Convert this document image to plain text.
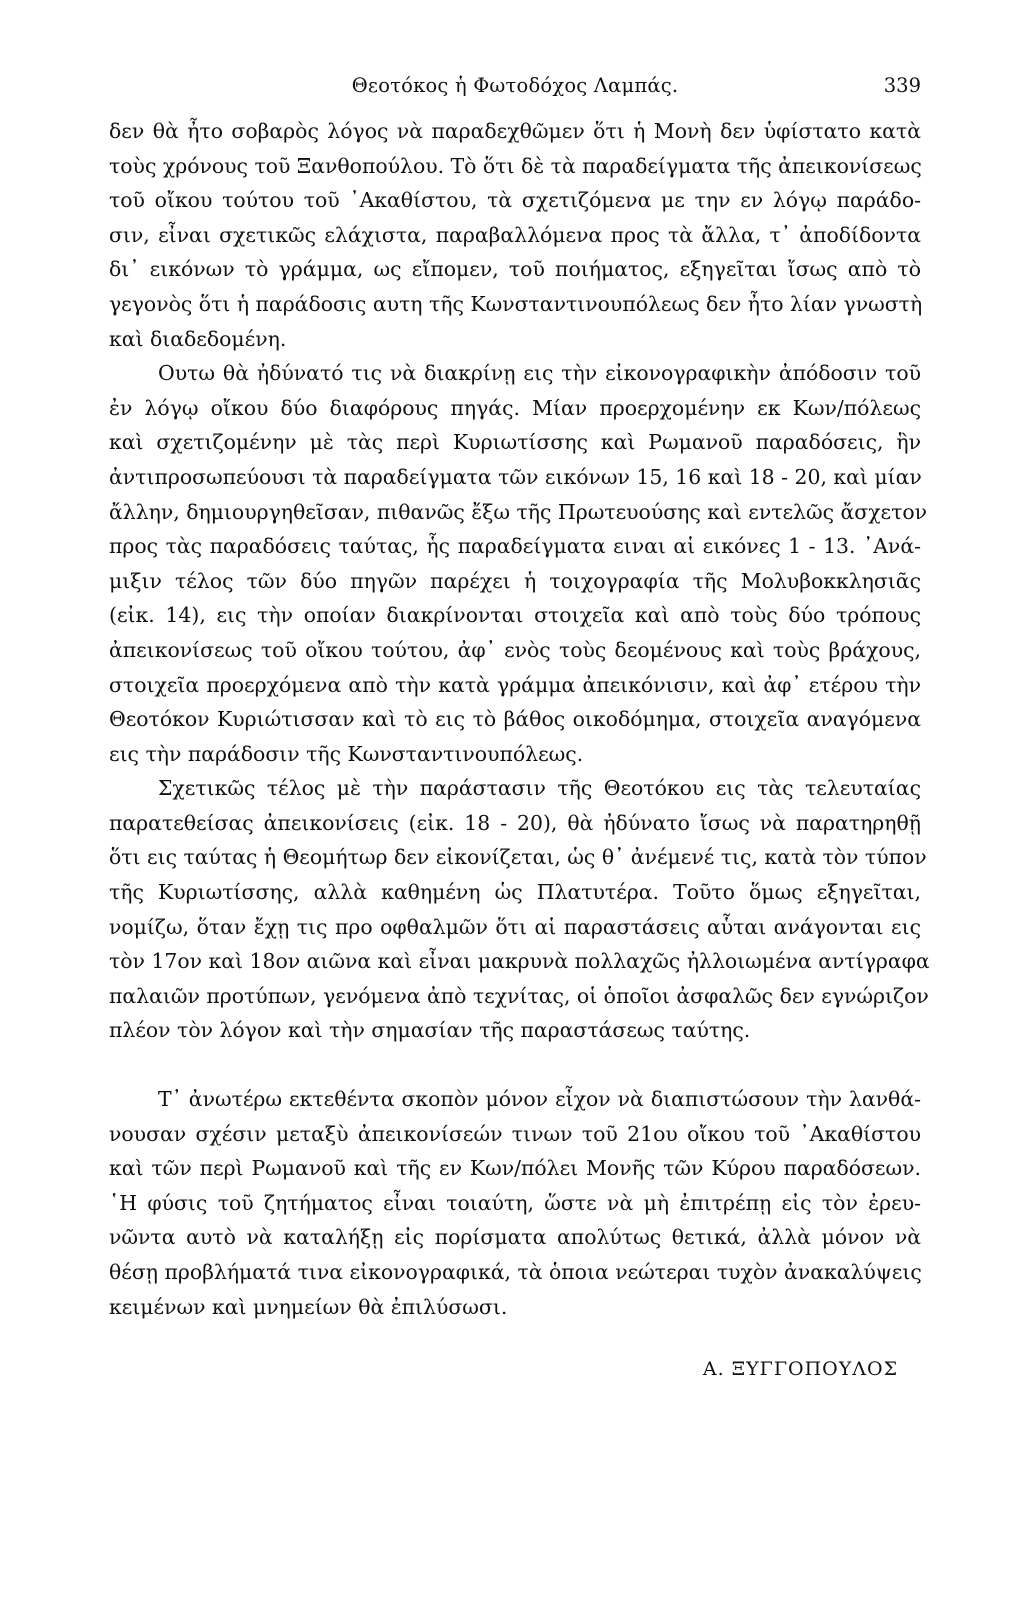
Θεοτόκος ἡ Φωτοδόχος Λαμπάς.	339

δεν θὰ ἦτο σοβαρὸς λόγος νὰ παραδεχθῶμεν ὅτι ἡ Μονὴ δεν ὑφίστατο κατὰ
τοὺς χρόνους τοῦ Ξανθοπούλου. Τὸ ὅτι δὲ τὰ παραδείγματα τῆς ἀπεικονίσεως
τοῦ οἴκου τούτου τοῦ ᾿Ακαθίστου, τὰ σχετιζόμενα με την εν λόγῳ παράδο-
σιν, εἶναι σχετικῶς ελάχιστα, παραβαλλόμενα προς τὰ ἄλλα, τ᾿ ἀποδίδοντα
δι᾿ εικόνων τὸ γράμμα, ως εἴπομεν, τοῦ ποιήματος, εξηγεῖται ἴσως απὸ τὸ
γεγονὸς ὅτι ἡ παράδοσις αυτη τῆς Κωνσταντινουπόλεως δεν ἦτο λίαν γνωστὴ
καὶ διαδεδομένη.

Ουτω θὰ ἠδύνατό τις νὰ διακρίνῃ εις τὴν εἰκονογραφικὴν ἀπόδοσιν τοῦ
ἐν λόγῳ οἴκου δύο διαφόρους πηγάς. Μίαν προερχομένην εκ Κων/πόλεως
καὶ σχετιζομένην μὲ τὰς περὶ Κυριωτίσσης καὶ Ρωμανοῦ παραδόσεις, ἣν
ἀντιπροσωπεύουσι τὰ παραδείγματα τῶν εικόνων 15, 16 καὶ 18 - 20, καὶ μίαν
ἄλλην, δημιουργηθεῖσαν, πιθανῶς ἔξω τῆς Πρωτευούσης καὶ εντελῶς ἄσχετον
προς τὰς παραδόσεις ταύτας, ἧς παραδείγματα ειναι αἱ εικόνες 1 - 13. ᾿Ανά-
μιξιν τέλος τῶν δύο πηγῶν παρέχει ἡ τοιχογραφία τῆς Μολυβοκκλησιᾶς
(εἰκ. 14), εις τὴν οποίαν διακρίνονται στοιχεῖα καὶ απὸ τοὺς δύο τρόπους
ἀπεικονίσεως τοῦ οἴκου τούτου, ἀφ᾿ ενὸς τοὺς δεομένους καὶ τοὺς βράχους,
στοιχεῖα προερχόμενα απὸ τὴν κατὰ γράμμα ἀπεικόνισιν, καὶ ἀφ᾿ ετέρου τὴν
Θεοτόκον Κυριώτισσαν καὶ τὸ εις τὸ βάθος οικοδόμημα, στοιχεῖα αναγόμενα
εις τὴν παράδοσιν τῆς Κωνσταντινουπόλεως.

Σχετικῶς τέλος μὲ τὴν παράστασιν τῆς Θεοτόκου εις τὰς τελευταίας
παρατεθείσας ἀπεικονίσεις (εἰκ. 18 - 20), θὰ ἠδύνατο ἴσως νὰ παρατηρηθῇ
ὅτι εις ταύτας ἡ Θεομήτωρ δεν εἰκονίζεται, ὡς θ᾿ ἀνέμενέ τις, κατὰ τὸν τύπον
τῆς Κυριωτίσσης, αλλὰ καθημένη ὡς Πλατυτέρα. Τοῦτο ὅμως εξηγεῖται,
νομίζω, ὅταν ἔχῃ τις προ οφθαλμῶν ὅτι αἱ παραστάσεις αὗται ανάγονται εις
τὸν 17ον καὶ 18ον αιῶνα καὶ εἶναι μακρυνὰ πολλαχῶς ἠλλοιωμένα αντίγραφα
παλαιῶν προτύπων, γενόμενα ἀπὸ τεχνίτας, οἱ ὁποῖοι ἀσφαλῶς δεν εγνώριζον
πλέον τὸν λόγον καὶ τὴν σημασίαν τῆς παραστάσεως ταύτης.

Τ᾿ ἀνωτέρω εκτεθέντα σκοπὸν μόνον εἶχον νὰ διαπιστώσουν τὴν λανθά-
νουσαν σχέσιν μεταξὺ ἀπεικονίσεών τινων τοῦ 21ου οἴκου τοῦ ᾿Ακαθίστου
καὶ τῶν περὶ Ρωμανοῦ καὶ τῆς εν Κων/πόλει Μονῆς τῶν Κύρου παραδόσεων.
῾Η φύσις τοῦ ζητήματος εἶναι τοιαύτη, ὥστε νὰ μὴ ἐπιτρέπῃ εἰς τὸν ἐρευ-
νῶντα αυτὸ νὰ καταλήξῃ εἰς πορίσματα απολύτως θετικά, ἀλλὰ μόνον νὰ
θέσῃ προβλήματά τινα εἰκονογραφικά, τὰ ὁποια νεώτεραι τυχὸν ἀνακαλύψεις
κειμένων καὶ μνημείων θὰ ἐπιλύσωσι.

Α. ΞΥΓΓΟΠΟΥΛΟΣ
